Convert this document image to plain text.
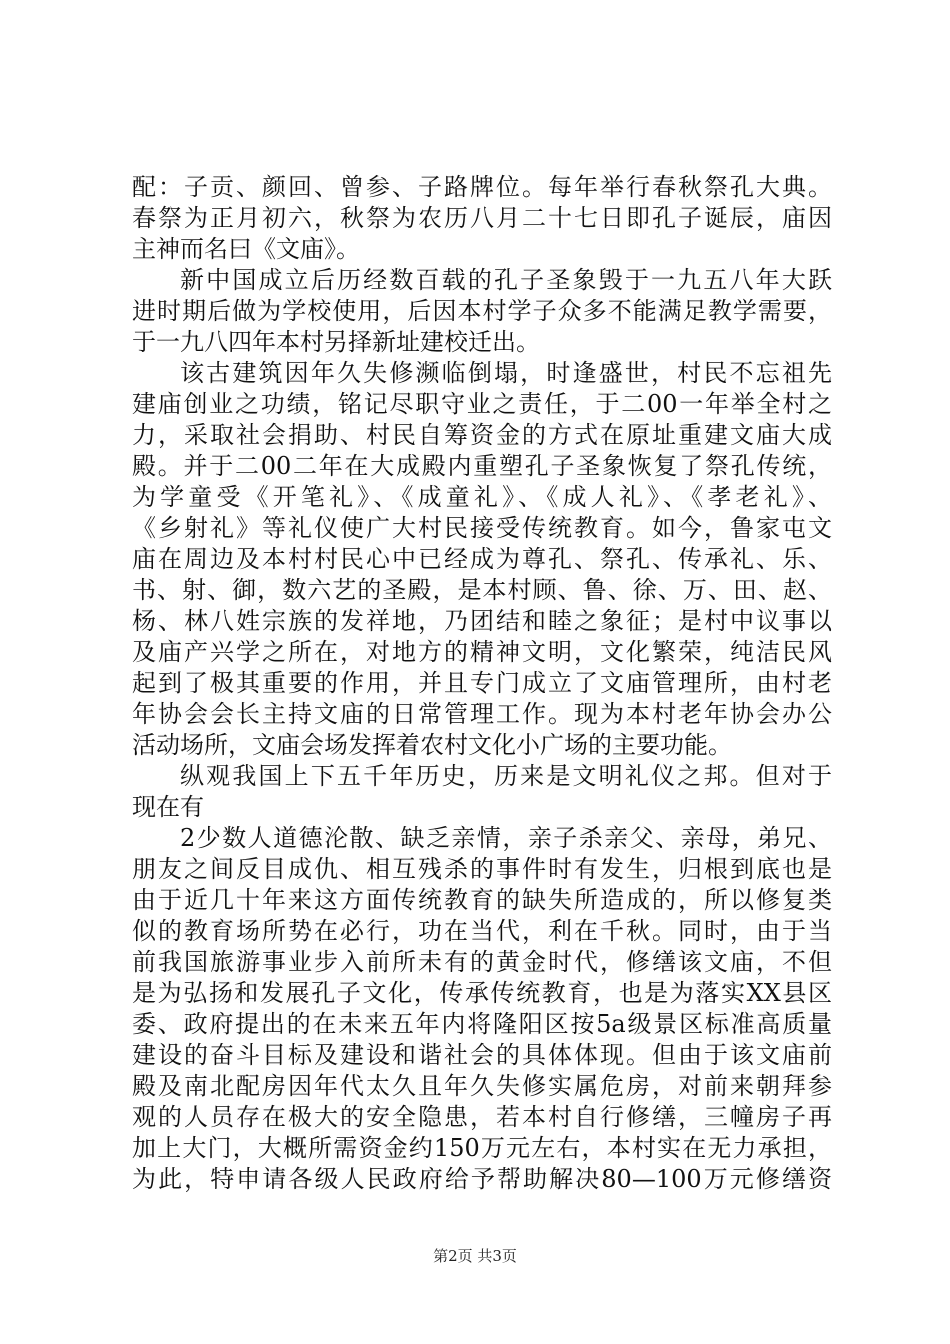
配：子贡、颜回、曾参、子路牌位。每年举行春秋祭孔大典。
春祭为正月初六，秋祭为农历八月二十七日即孔子诞辰，庙因
主神而名曰《文庙》。
新中国成立后历经数百载的孔子圣象毁于一九五八年大跃
进时期后做为学校使用，后因本村学子众多不能满足教学需要，
于一九八四年本村另择新址建校迁出。
该古建筑因年久失修濒临倒塌，时逢盛世，村民不忘祖先
建庙创业之功绩，铭记尽职守业之责任，于二00一年举全村之
力，采取社会捐助、村民自筹资金的方式在原址重建文庙大成
殿。并于二00二年在大成殿内重塑孔子圣象恢复了祭孔传统，
为学童受《开笔礼》、《成童礼》、《成人礼》、《孝老礼》、
《乡射礼》等礼仪使广大村民接受传统教育。如今，鲁家屯文
庙在周边及本村村民心中已经成为尊孔、祭孔、传承礼、乐、
书、射、御，数六艺的圣殿，是本村顾、鲁、徐、万、田、赵、
杨、林八姓宗族的发祥地，乃团结和睦之象征；是村中议事以
及庙产兴学之所在，对地方的精神文明，文化繁荣，纯洁民风
起到了极其重要的作用，并且专门成立了文庙管理所，由村老
年协会会长主持文庙的日常管理工作。现为本村老年协会办公
活动场所，文庙会场发挥着农村文化小广场的主要功能。
纵观我国上下五千年历史，历来是文明礼仪之邦。但对于
现在有
2少数人道德沦散、缺乏亲情，亲子杀亲父、亲母，弟兄、
朋友之间反目成仇、相互残杀的事件时有发生，归根到底也是
由于近几十年来这方面传统教育的缺失所造成的，所以修复类
似的教育场所势在必行，功在当代，利在千秋。同时，由于当
前我国旅游事业步入前所未有的黄金时代，修缮该文庙，不但
是为弘扬和发展孔子文化，传承传统教育，也是为落实XX县区
委、政府提出的在未来五年内将隆阳区按5a级景区标准高质量
建设的奋斗目标及建设和谐社会的具体体现。但由于该文庙前
殿及南北配房因年代太久且年久失修实属危房，对前来朝拜参
观的人员存在极大的安全隐患，若本村自行修缮，三幢房子再
加上大门，大概所需资金约150万元左右，本村实在无力承担，
为此，特申请各级人民政府给予帮助解决80—100万元修缮资
第2页 共3页
